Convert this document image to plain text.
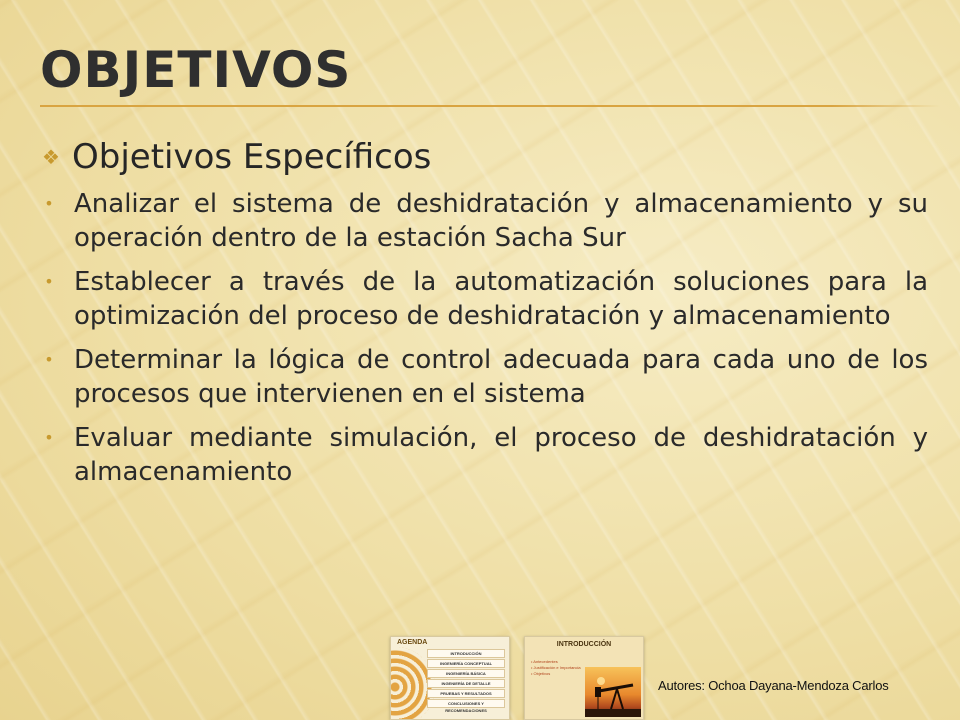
OBJETIVOS
❖ Objetivos Específicos
• Analizar el sistema de deshidratación y almacenamiento y su operación dentro de la estación Sacha Sur
• Establecer a través de la automatización soluciones para la optimización del proceso de deshidratación y almacenamiento
• Determinar la lógica de control adecuada para cada uno de los procesos que intervienen en el sistema
• Evaluar mediante simulación, el proceso de deshidratación y almacenamiento
AGENDA
INTRODUCCIÓN
INGENIERÍA CONCEPTUAL
INGENIERÍA BÁSICA
INGENIERÍA DE DETALLE
PRUEBAS Y RESULTADOS
CONCLUSIONES Y RECOMENDACIONES
INTRODUCCIÓN
• Antecedentes
• Justificación e Importancia
• Objetivos
Autores: Ochoa Dayana-Mendoza Carlos
